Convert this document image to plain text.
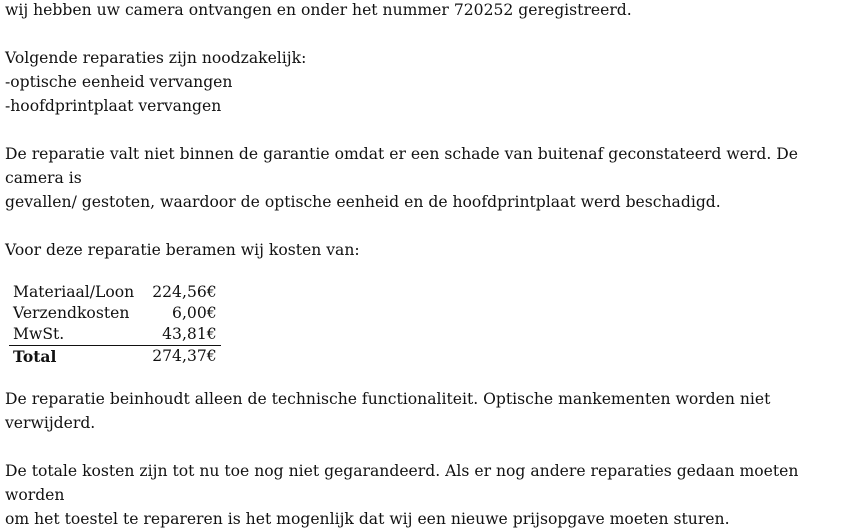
wij hebben uw camera ontvangen en onder het nummer 720252 geregistreerd.

Volgende reparaties zijn noodzakelijk:

-optische eenheid vervangen

-hoofdprintplaat vervangen

De reparatie valt niet binnen de garantie omdat er een schade van buitenaf geconstateerd werd. De camera is

gevallen/ gestoten, waardoor de optische eenheid en de hoofdprintplaat werd beschadigd.

Voor deze reparatie beramen wij kosten van:

Materiaal/Loon	224,56€
Verzendkosten	6,00€
MwSt.	43,81€
Total	274,37€

De reparatie beinhoudt alleen de technische functionaliteit. Optische mankementen worden niet verwijderd.

De totale kosten zijn tot nu toe nog niet gegarandeerd. Als er nog andere reparaties gedaan moeten worden

om het toestel te repareren is het mogenlijk dat wij een nieuwe prijsopgave moeten sturen.
